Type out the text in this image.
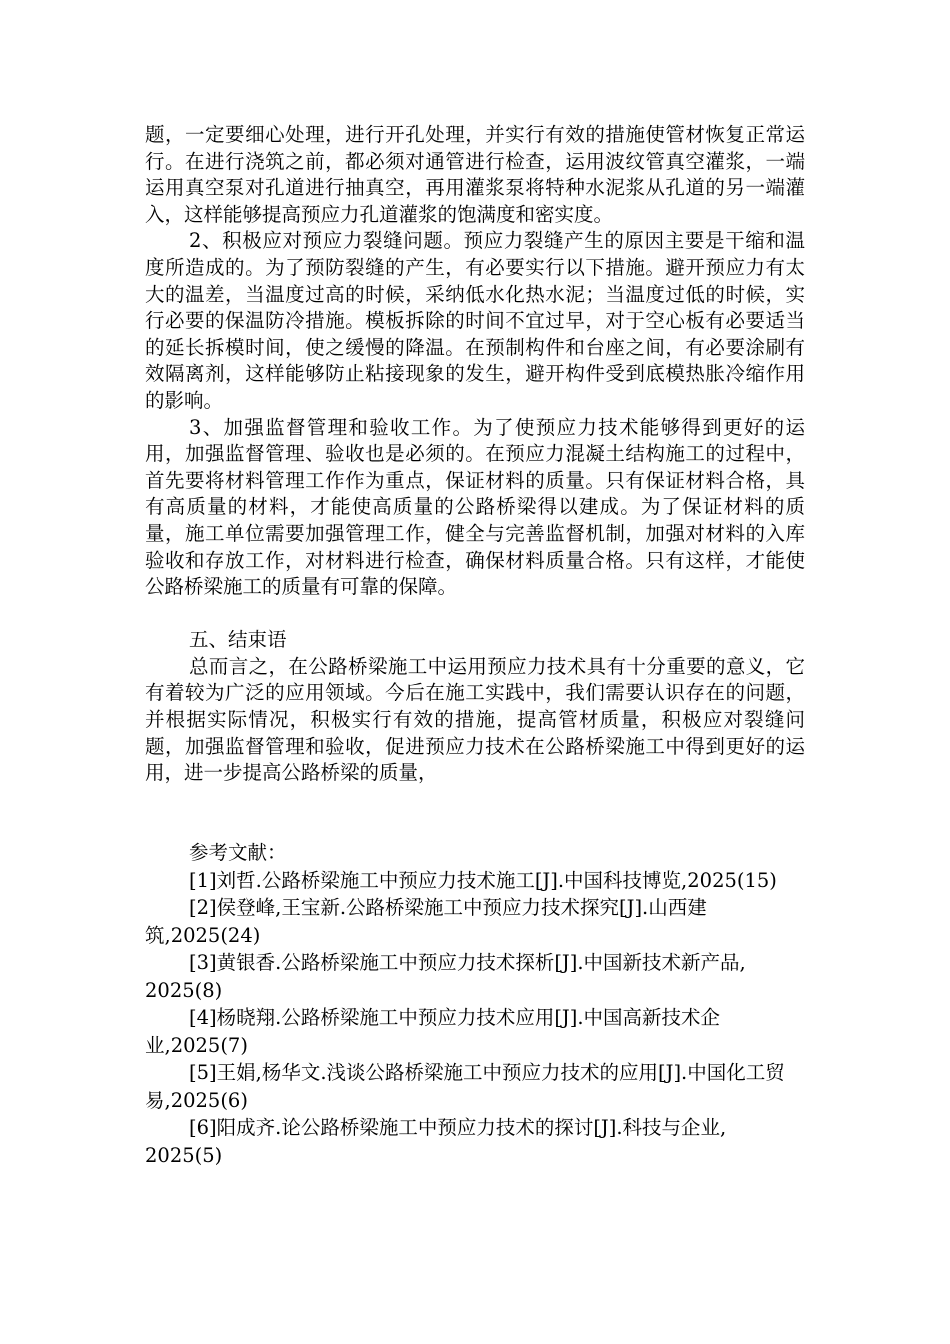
题，一定要细心处理，进行开孔处理，并实行有效的措施使管材恢复正常运行。在进行浇筑之前，都必须对通管进行检查，运用波纹管真空灌浆，一端运用真空泵对孔道进行抽真空，再用灌浆泵将特种水泥浆从孔道的另一端灌入，这样能够提高预应力孔道灌浆的饱满度和密实度。

2、积极应对预应力裂缝问题。预应力裂缝产生的原因主要是干缩和温度所造成的。为了预防裂缝的产生，有必要实行以下措施。避开预应力有太大的温差，当温度过高的时候，采纳低水化热水泥；当温度过低的时候，实行必要的保温防冷措施。模板拆除的时间不宜过早，对于空心板有必要适当的延长拆模时间，使之缓慢的降温。在预制构件和台座之间，有必要涂刷有效隔离剂，这样能够防止粘接现象的发生，避开构件受到底模热胀冷缩作用的影响。

3、加强监督管理和验收工作。为了使预应力技术能够得到更好的运用，加强监督管理、验收也是必须的。在预应力混凝土结构施工的过程中，首先要将材料管理工作作为重点，保证材料的质量。只有保证材料合格，具有高质量的材料，才能使高质量的公路桥梁得以建成。为了保证材料的质量，施工单位需要加强管理工作，健全与完善监督机制，加强对材料的入库验收和存放工作，对材料进行检查，确保材料质量合格。只有这样，才能使公路桥梁施工的质量有可靠的保障。

五、结束语

总而言之，在公路桥梁施工中运用预应力技术具有十分重要的意义，它有着较为广泛的应用领域。今后在施工实践中，我们需要认识存在的问题，并根据实际情况，积极实行有效的措施，提高管材质量，积极应对裂缝问题，加强监督管理和验收，促进预应力技术在公路桥梁施工中得到更好的运用，进一步提高公路桥梁的质量，

参考文献：

[1]刘哲.公路桥梁施工中预应力技术施工[J].中国科技博览,2025(15)

[2]侯登峰,王宝新.公路桥梁施工中预应力技术探究[J].山西建筑,2025(24)

[3]黄银香.公路桥梁施工中预应力技术探析[J].中国新技术新产品, 2025(8)

[4]杨晓翔.公路桥梁施工中预应力技术应用[J].中国高新技术企业,2025(7)

[5]王娟,杨华文.浅谈公路桥梁施工中预应力技术的应用[J].中国化工贸易,2025(6)

[6]阳成齐.论公路桥梁施工中预应力技术的探讨[J].科技与企业, 2025(5)
